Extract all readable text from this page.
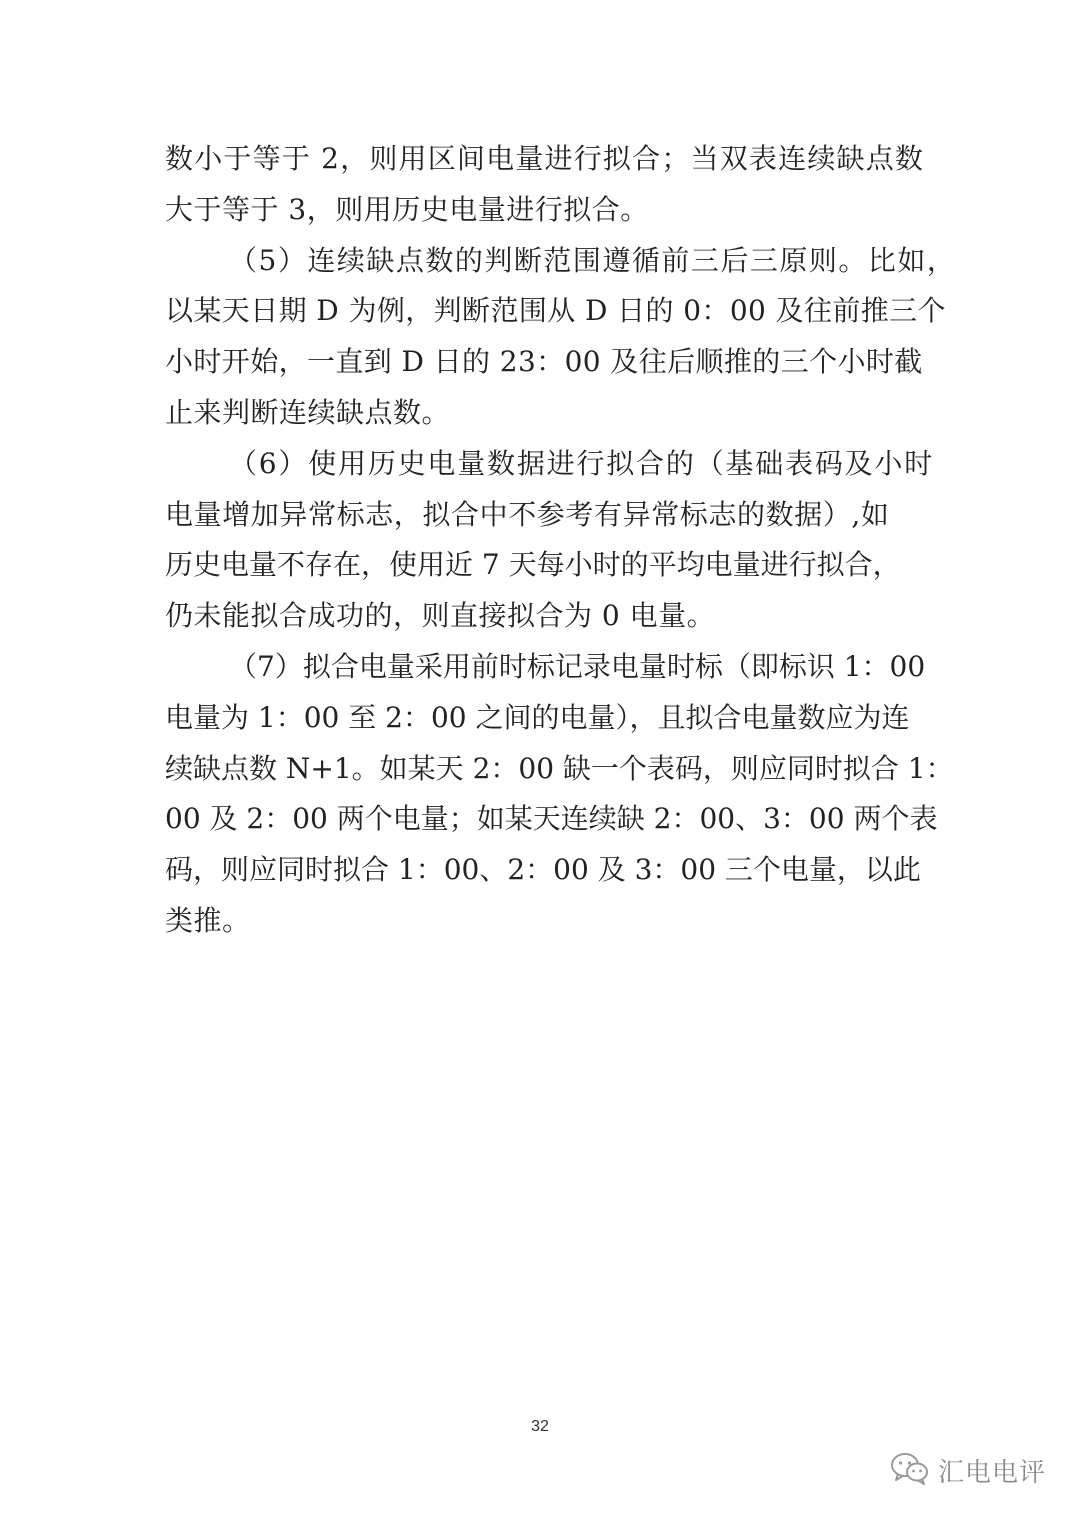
数小于等于 2，则用区间电量进行拟合；当双表连续缺点数
大于等于 3，则用历史电量进行拟合。
（5）连续缺点数的判断范围遵循前三后三原则。比如，
以某天日期 D 为例，判断范围从 D 日的 0：00 及往前推三个
小时开始，一直到 D 日的 23：00 及往后顺推的三个小时截
止来判断连续缺点数。
（6）使用历史电量数据进行拟合的（基础表码及小时
电量增加异常标志，拟合中不参考有异常标志的数据）,如
历史电量不存在，使用近 7 天每小时的平均电量进行拟合，
仍未能拟合成功的，则直接拟合为 0 电量。
（7）拟合电量采用前时标记录电量时标（即标识 1：00
电量为 1：00 至 2：00 之间的电量），且拟合电量数应为连
续缺点数 N+1。如某天 2：00 缺一个表码，则应同时拟合 1：
00 及 2：00 两个电量；如某天连续缺 2：00、3：00 两个表
码，则应同时拟合 1：00、2：00 及 3：00 三个电量，以此
类推。
32
汇电电评
